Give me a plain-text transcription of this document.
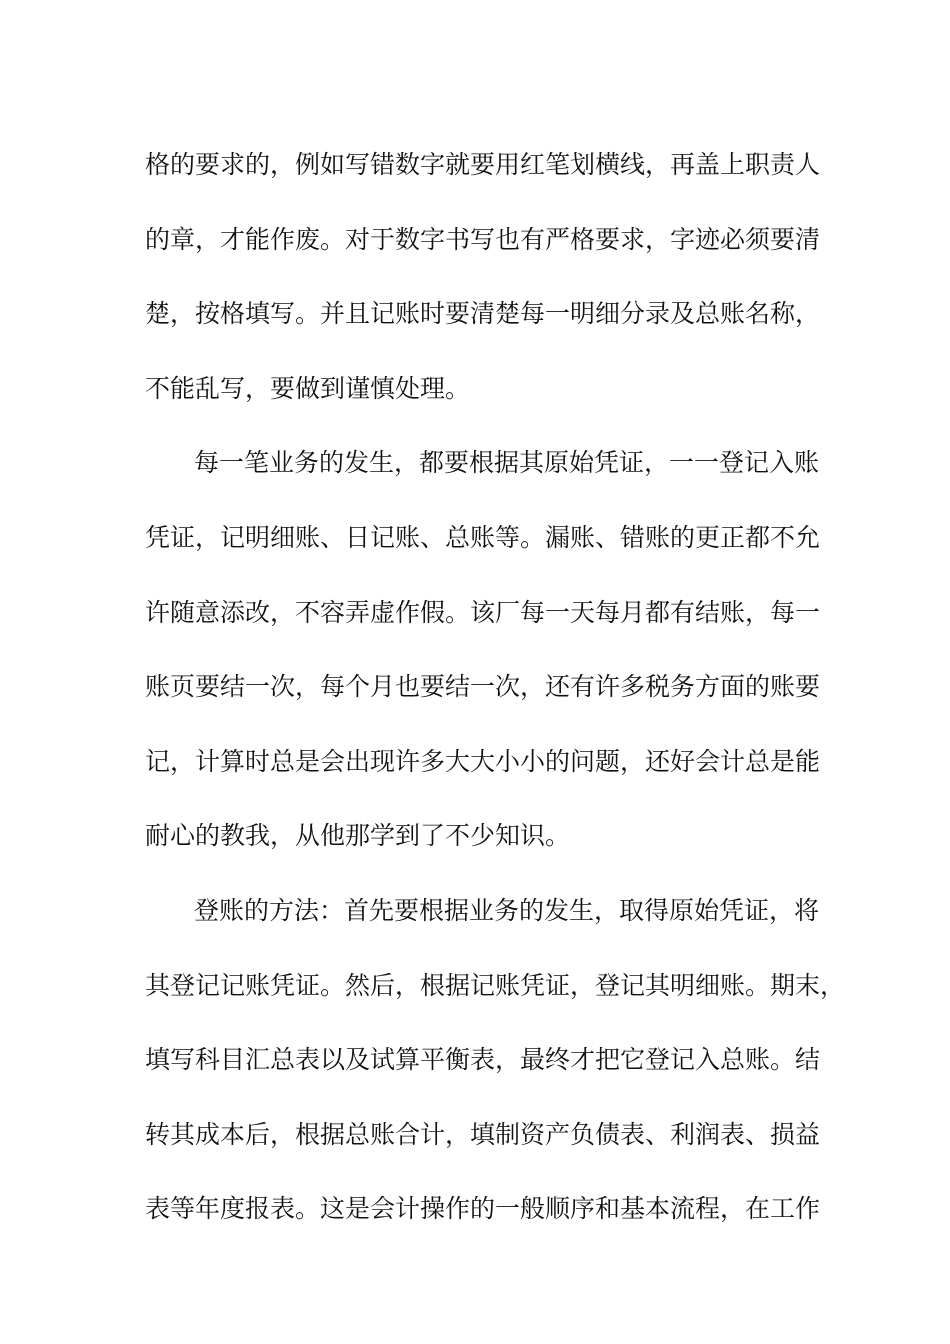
格的要求的，例如写错数字就要用红笔划横线，再盖上职责人
的章，才能作废。对于数字书写也有严格要求，字迹必须要清
楚，按格填写。并且记账时要清楚每一明细分录及总账名称，
不能乱写，要做到谨慎处理。
每一笔业务的发生，都要根据其原始凭证，一一登记入账
凭证，记明细账、日记账、总账等。漏账、错账的更正都不允
许随意添改，不容弄虚作假。该厂每一天每月都有结账，每一
账页要结一次，每个月也要结一次，还有许多税务方面的账要
记，计算时总是会出现许多大大小小的问题，还好会计总是能
耐心的教我，从他那学到了不少知识。
登账的方法：首先要根据业务的发生，取得原始凭证，将
其登记记账凭证。然后，根据记账凭证，登记其明细账。期末，
填写科目汇总表以及试算平衡表，最终才把它登记入总账。结
转其成本后，根据总账合计，填制资产负债表、利润表、损益
表等年度报表。这是会计操作的一般顺序和基本流程，在工作
